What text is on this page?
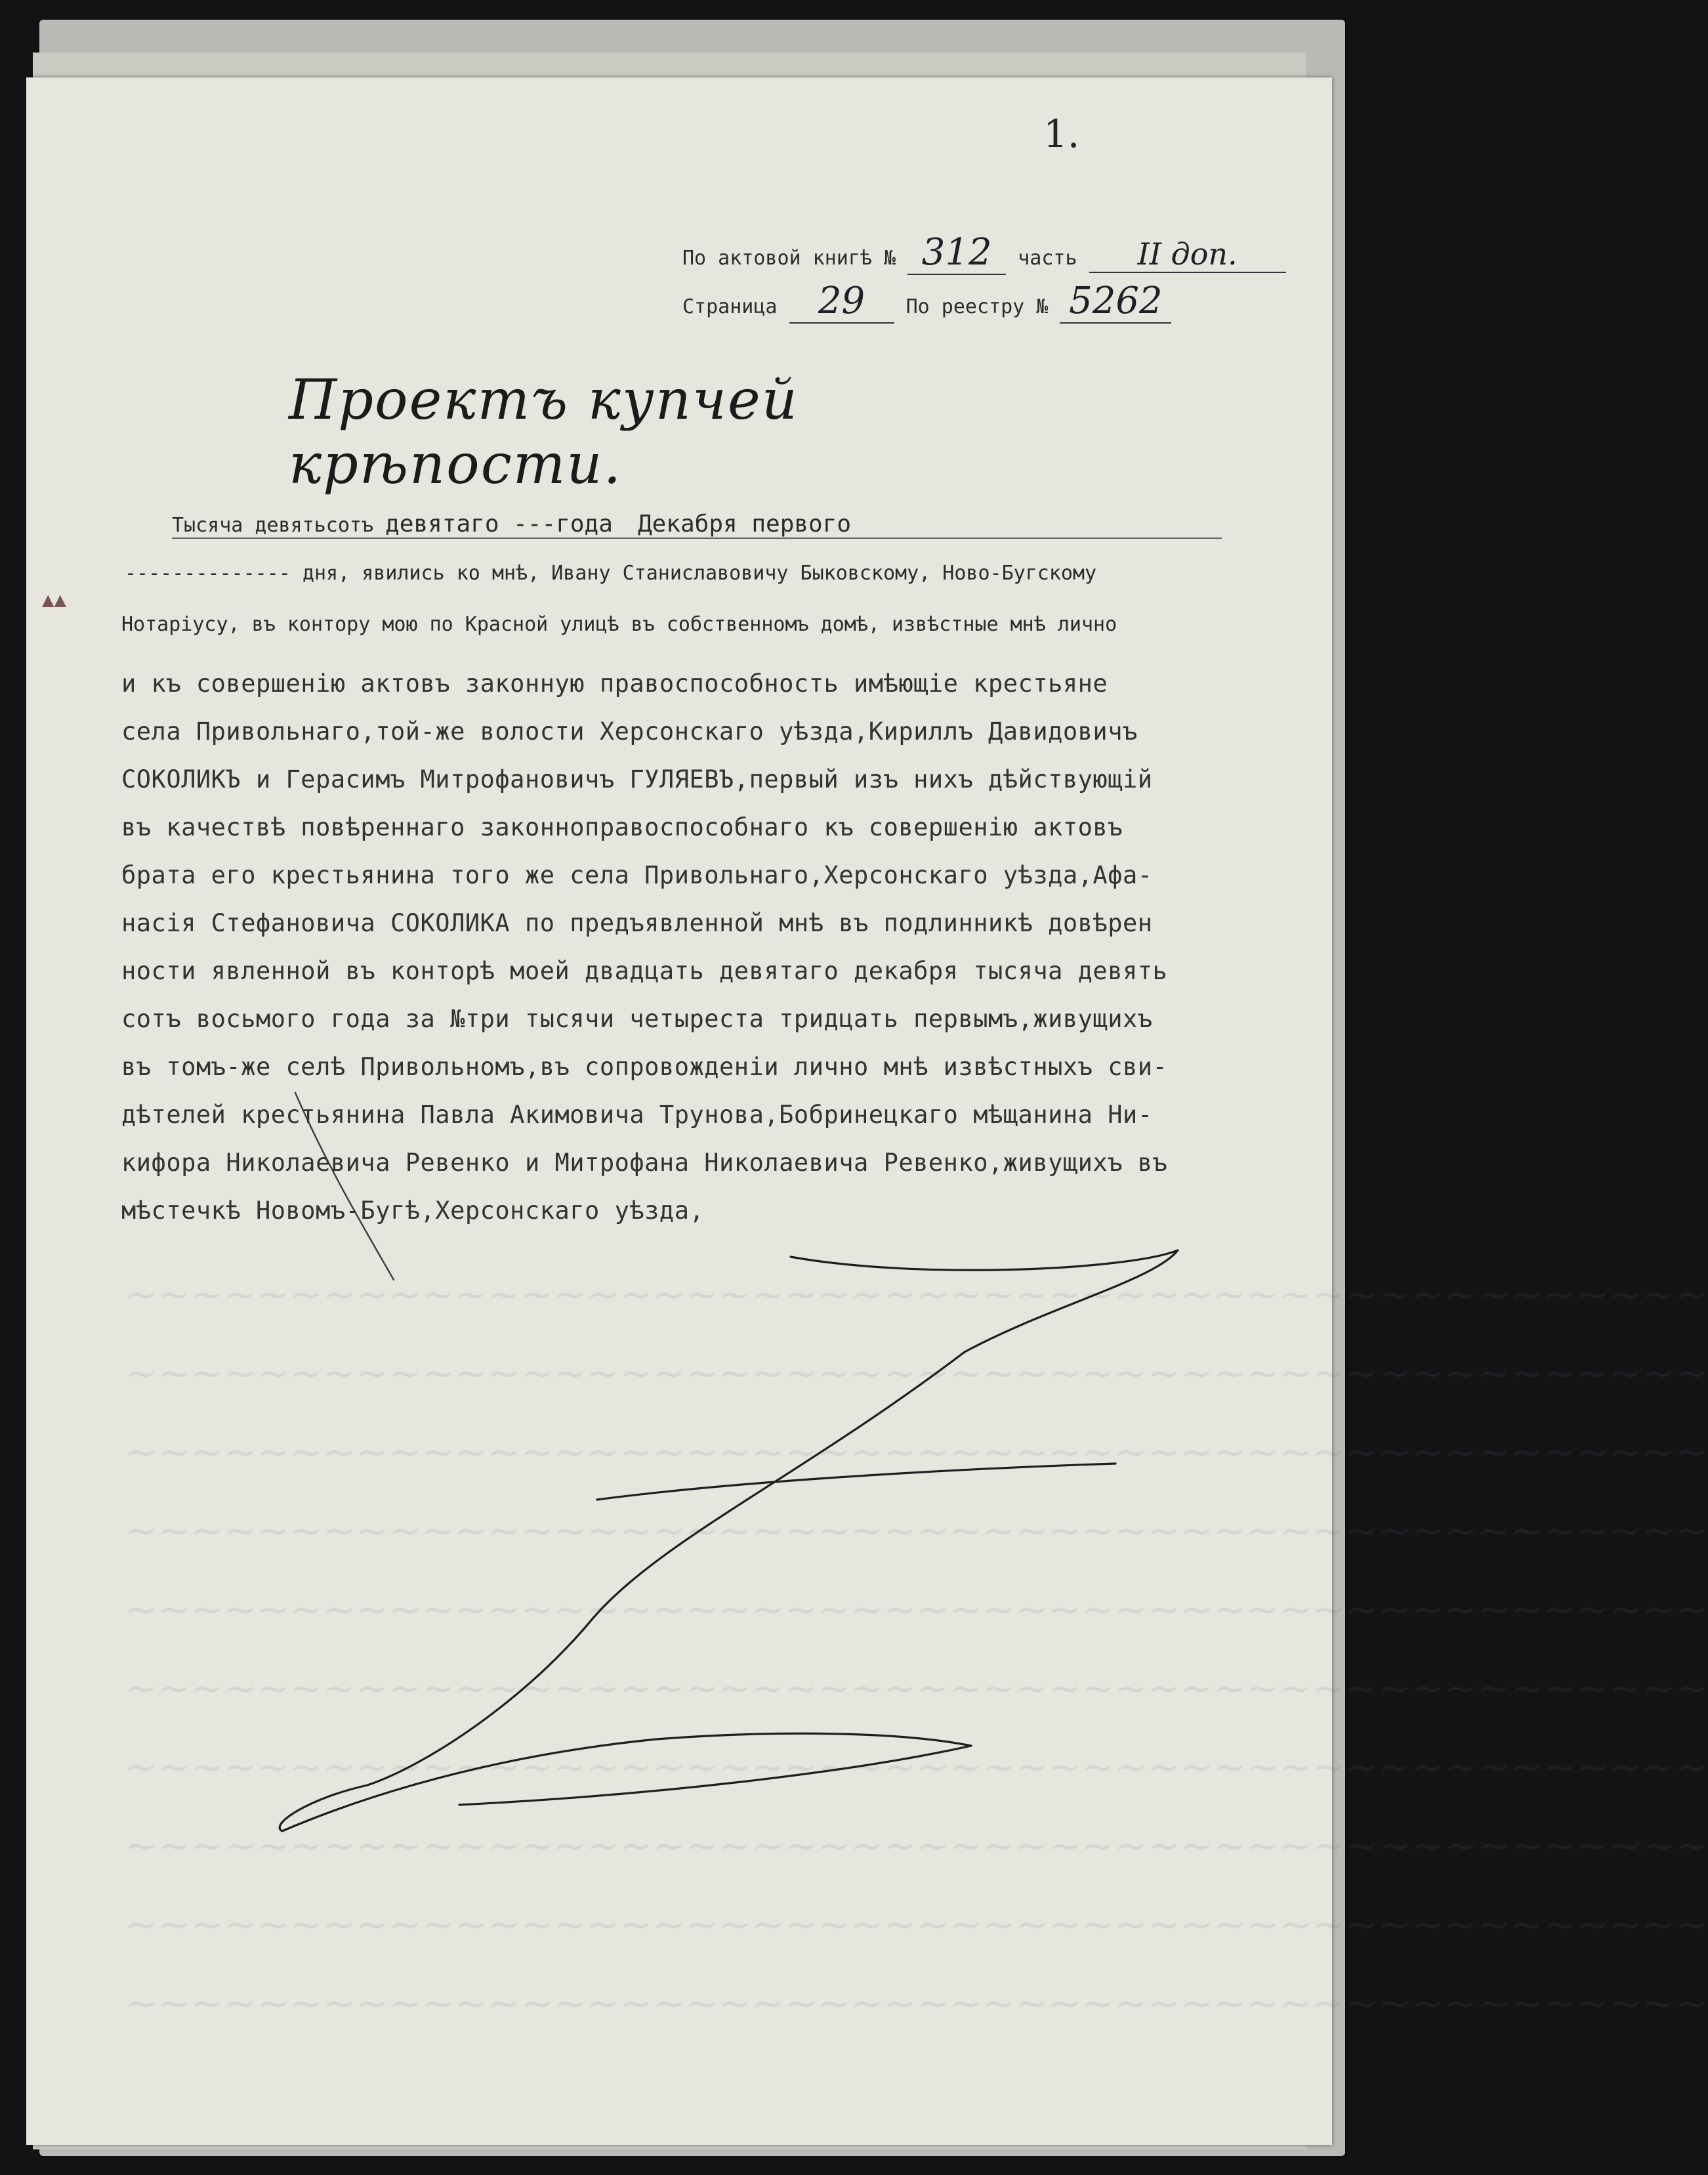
~~~~~~~~~~~~~~~~~~~~~~~~~~~~~~~~~~~~~~~~~~~~~~~~
~~~~~~~~~~~~~~~~~~~~~~~~~~~~~~~~~~~~~~~~~~~~~~~~
~~~~~~~~~~~~~~~~~~~~~~~~~~~~~~~~~~~~~~~~~~~~~~~~
~~~~~~~~~~~~~~~~~~~~~~~~~~~~~~~~~~~~~~~~~~~~~~~~
~~~~~~~~~~~~~~~~~~~~~~~~~~~~~~~~~~~~~~~~~~~~~~~~
~~~~~~~~~~~~~~~~~~~~~~~~~~~~~~~~~~~~~~~~~~~~~~~~
~~~~~~~~~~~~~~~~~~~~~~~~~~~~~~~~~~~~~~~~~~~~~~~~
~~~~~~~~~~~~~~~~~~~~~~~~~~~~~~~~~~~~~~~~~~~~~~~~
~~~~~~~~~~~~~~~~~~~~~~~~~~~~~~~~~~~~~~~~~~~~~~~~
~~~~~~~~~~~~~~~~~~~~~~~~~~~~~~~~~~~~~~~~~~~~~~~~
1.
По актовой книгѣ № 312 часть II доп.
Страница 29 По реестру № 5262
Проектъ купчей крѣпости.
Тысяча девятьсотъ девятаго ---года Декабря первого
-------------- дня, явились ко мнѣ, Ивану Станиславовичу Быковскому, Ново-Бугскому
Нотаріусу, въ контору мою по Красной улицѣ въ собственномъ домѣ, извѣстные мнѣ лично
и къ совершенію актовъ законную правоспособность имѣющіе крестьяне
села Привольнаго,той-же волости Херсонскаго уѣзда,Кириллъ Давидовичъ
СОКОЛИКЪ и Герасимъ Митрофановичъ ГУЛЯЕВЪ,первый изъ нихъ дѣйствующій
въ качествѣ повѣреннаго законноправоспособнаго къ совершенію актовъ
брата его крестьянина того же села Привольнаго,Херсонскаго уѣзда,Афа-
насія Стефановича СОКОЛИКА по предъявленной мнѣ въ подлинникѣ довѣрен
ности явленной въ конторѣ моей двадцать девятаго декабря тысяча девять
сотъ восьмого года за №три тысячи четыреста тридцать первымъ,живущихъ
въ томъ-же селѣ Привольномъ,въ сопровожденіи лично мнѣ извѣстныхъ сви-
дѣтелей крестьянина Павла Акимовича Трунова,Бобринецкаго мѣщанина Ни-
кифора Николаевича Ревенко и Митрофана Николаевича Ревенко,живущихъ въ
мѣстечкѣ Новомъ-Бугѣ,Херсонскаго уѣзда,
▲▲
